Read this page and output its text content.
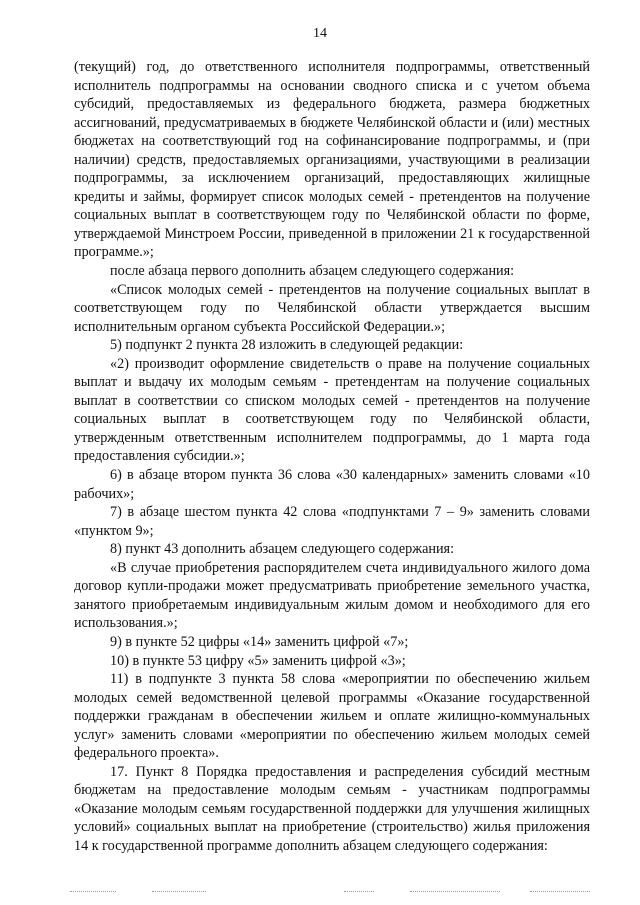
14

(текущий) год, до ответственного исполнителя подпрограммы, ответственный исполнитель подпрограммы на основании сводного списка и с учетом объема субсидий, предоставляемых из федерального бюджета, размера бюджетных ассигнований, предусматриваемых в бюджете Челябинской области и (или) местных бюджетах на соответствующий год на софинансирование подпрограммы, и (при наличии) средств, предоставляемых организациями, участвующими в реализации подпрограммы, за исключением организаций, предоставляющих жилищные кредиты и займы, формирует список молодых семей - претендентов на получение социальных выплат в соответствующем году по Челябинской области по форме, утверждаемой Минстроем России, приведенной в приложении 21 к государственной программе.»;

после абзаца первого дополнить абзацем следующего содержания:

«Список молодых семей - претендентов на получение социальных выплат в соответствующем году по Челябинской области утверждается высшим исполнительным органом субъекта Российской Федерации.»;

5) подпункт 2 пункта 28 изложить в следующей редакции:

«2) производит оформление свидетельств о праве на получение социальных выплат и выдачу их молодым семьям - претендентам на получение социальных выплат в соответствии со списком молодых семей - претендентов на получение социальных выплат в соответствующем году по Челябинской области, утвержденным ответственным исполнителем подпрограммы, до 1 марта года предоставления субсидии.»;

6) в абзаце втором пункта 36 слова «30 календарных» заменить словами «10 рабочих»;

7) в абзаце шестом пункта 42 слова «подпунктами 7 – 9» заменить словами «пунктом 9»;

8) пункт 43 дополнить абзацем следующего содержания:

«В случае приобретения распорядителем счета индивидуального жилого дома договор купли-продажи может предусматривать приобретение земельного участка, занятого приобретаемым индивидуальным жилым домом и необходимого для его использования.»;

9) в пункте 52 цифры «14» заменить цифрой «7»;

10) в пункте 53 цифру «5» заменить цифрой «3»;

11) в подпункте 3 пункта 58 слова «мероприятии по обеспечению жильем молодых семей ведомственной целевой программы «Оказание государственной поддержки гражданам в обеспечении жильем и оплате жилищно-коммунальных услуг» заменить словами «мероприятии по обеспечению жильем молодых семей федерального проекта».

17. Пункт 8 Порядка предоставления и распределения субсидий местным бюджетам на предоставление молодым семьям - участникам подпрограммы «Оказание молодым семьям государственной поддержки для улучшения жилищных условий» социальных выплат на приобретение (строительство) жилья приложения 14 к государственной программе дополнить абзацем следующего содержания:
